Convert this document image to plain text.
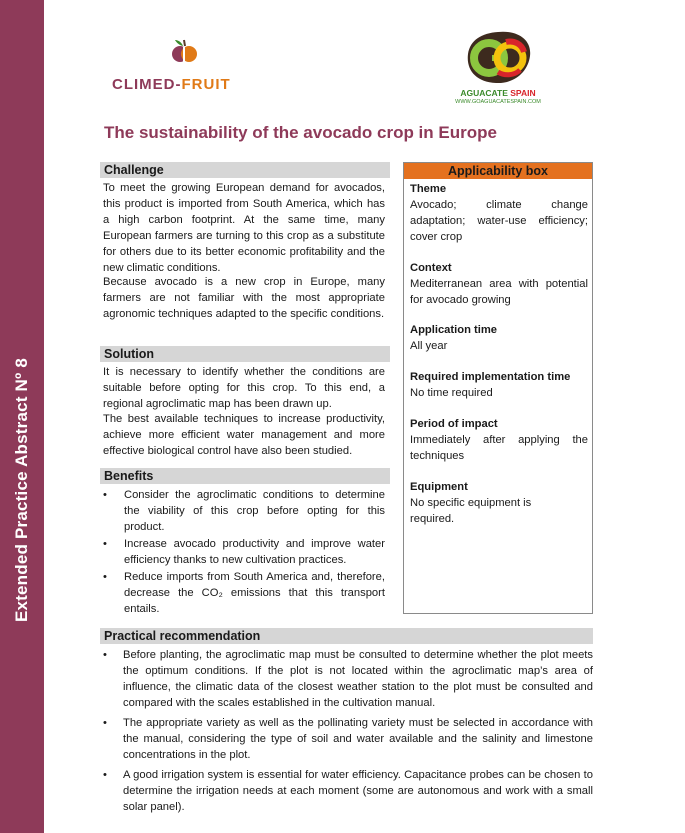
Extended Practice Abstract Nº 8
CLIMED-FRUIT	AGUACATE SPAIN
WWW.GOAGUACATESPAIN.COM
The sustainability of the avocado crop in Europe
Challenge

To meet the growing European demand for avocados, this product is imported from South America, which has a high carbon footprint. At the same time, many European farmers are turning to this crop as a substitute for others due to its better economic profitability and the new climatic conditions.

Because avocado is a new crop in Europe, many farmers are not familiar with the most appropriate agronomic techniques adapted to the specific conditions.

Solution

It is necessary to identify whether the conditions are suitable before opting for this crop. To this end, a regional agroclimatic map has been drawn up.

The best available techniques to increase productivity, achieve more efficient water management and more effective biological control have also been studied.

Benefits
•	Consider the agroclimatic conditions to determine the viability of this crop before opting for this product.
•	Increase avocado productivity and improve water efficiency thanks to new cultivation practices.
•	Reduce imports from South America and, therefore, decrease the CO₂ emissions that this transport entails.
Applicability box
Theme
Avocado; climate change adaptation; water-use efficiency; cover crop
Context
Mediterranean area with potential for avocado growing
Application time
All year
Required implementation time
No time required
Period of impact
Immediately after applying the techniques
Equipment
No specific equipment is required.
Practical recommendation
•	Before planting, the agroclimatic map must be consulted to determine whether the plot meets the optimum conditions. If the plot is not located within the agroclimatic map’s area of influence, the climatic data of the closest weather station to the plot must be consulted and compared with the scales established in the cultivation manual.
•	The appropriate variety as well as the pollinating variety must be selected in accordance with the manual, considering the type of soil and water available and the salinity and limestone concentrations in the plot.
•	A good irrigation system is essential for water efficiency. Capacitance probes can be chosen to determine the irrigation needs at each moment (some are autonomous and work with a small solar panel).
